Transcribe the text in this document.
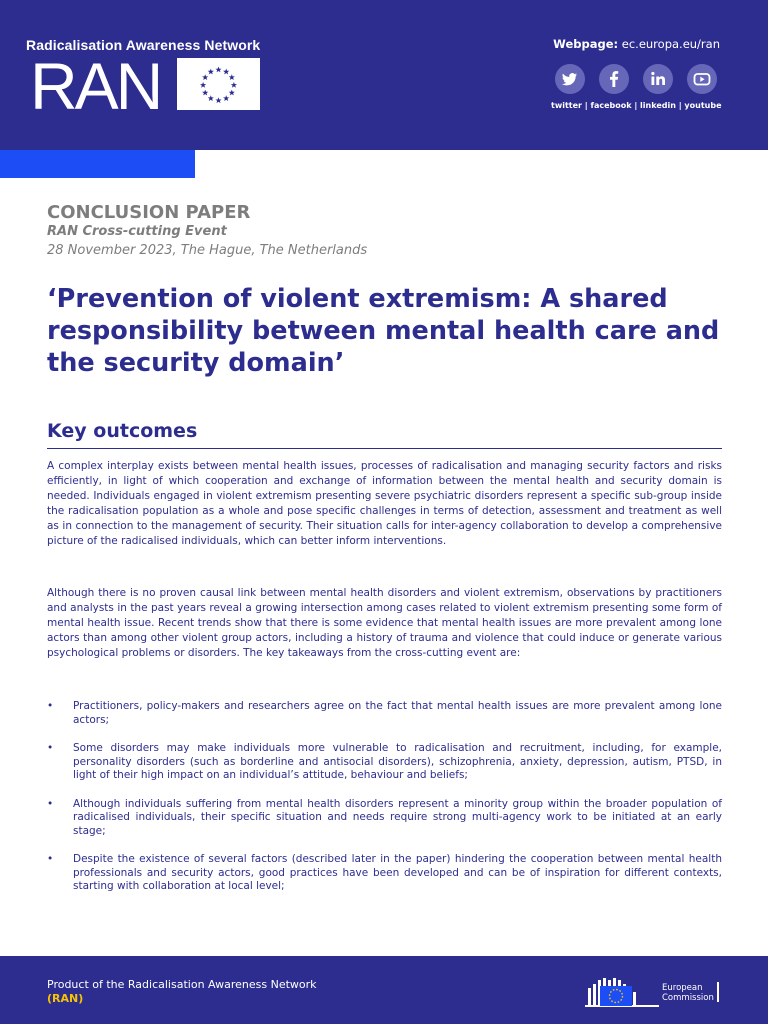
Radicalisation Awareness Network
RAN
Webpage: ec.europa.eu/ran
twitter | facebook | linkedin | youtube
CONCLUSION PAPER
RAN Cross-cutting Event
28 November 2023, The Hague, The Netherlands
‘Prevention of violent extremism: A shared responsibility between mental health care and the security domain’
Key outcomes

A complex interplay exists between mental health issues, processes of radicalisation and managing security factors and risks efficiently, in light of which cooperation and exchange of information between the mental health and security domain is needed. Individuals engaged in violent extremism presenting severe psychiatric disorders represent a specific sub-group inside the radicalisation population as a whole and pose specific challenges in terms of detection, assessment and treatment as well as in connection to the management of security. Their situation calls for inter-agency collaboration to develop a comprehensive picture of the radicalised individuals, which can better inform interventions.

Although there is no proven causal link between mental health disorders and violent extremism, observations by practitioners and analysts in the past years reveal a growing intersection among cases related to violent extremism presenting some form of mental health issue. Recent trends show that there is some evidence that mental health issues are more prevalent among lone actors than among other violent group actors, including a history of trauma and violence that could induce or generate various psychological problems or disorders. The key takeaways from the cross-cutting event are:

• Practitioners, policy-makers and researchers agree on the fact that mental health issues are more prevalent among lone actors;
• Some disorders may make individuals more vulnerable to radicalisation and recruitment, including, for example, personality disorders (such as borderline and antisocial disorders), schizophrenia, anxiety, depression, autism, PTSD, in light of their high impact on an individual’s attitude, behaviour and beliefs;
• Although individuals suffering from mental health disorders represent a minority group within the broader population of radicalised individuals, their specific situation and needs require strong multi-agency work to be initiated at an early stage;
• Despite the existence of several factors (described later in the paper) hindering the cooperation between mental health professionals and security actors, good practices have been developed and can be of inspiration for different contexts, starting with collaboration at local level;
Product of the Radicalisation Awareness Network
(RAN)
European
Commission
